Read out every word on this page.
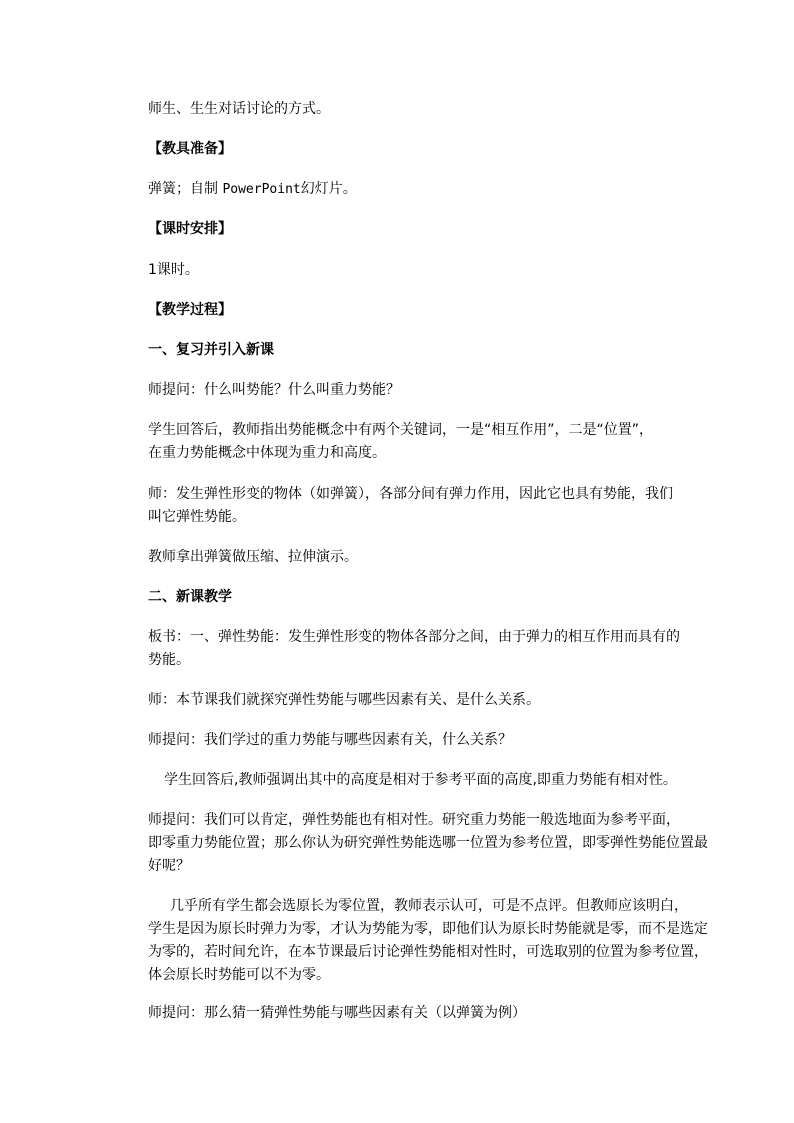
师生、生生对话讨论的方式。
【教具准备】
弹簧；自制 PowerPoint幻灯片。
【课时安排】
1课时。
【教学过程】
一、复习并引入新课
师提问：什么叫势能？什么叫重力势能？
学生回答后，教师指出势能概念中有两个关键词，一是“相互作用”，二是“位置”，
在重力势能概念中体现为重力和高度。
师：发生弹性形变的物体（如弹簧），各部分间有弹力作用，因此它也具有势能，我们
叫它弹性势能。
教师拿出弹簧做压缩、拉伸演示。
二、新课教学
板书：一、弹性势能：发生弹性形变的物体各部分之间，由于弹力的相互作用而具有的
势能。
师：本节课我们就探究弹性势能与哪些因素有关、是什么关系。
师提问：我们学过的重力势能与哪些因素有关，什么关系？
学生回答后,教师强调出其中的高度是相对于参考平面的高度,即重力势能有相对性。
师提问：我们可以肯定，弹性势能也有相对性。研究重力势能一般选地面为参考平面，
即零重力势能位置；那么你认为研究弹性势能选哪一位置为参考位置，即零弹性势能位置最
好呢？
几乎所有学生都会选原长为零位置，教师表示认可，可是不点评。但教师应该明白，
学生是因为原长时弹力为零，才认为势能为零，即他们认为原长时势能就是零，而不是选定
为零的，若时间允许，在本节课最后讨论弹性势能相对性时，可选取别的位置为参考位置，
体会原长时势能可以不为零。
师提问：那么猜一猜弹性势能与哪些因素有关（以弹簧为例）
